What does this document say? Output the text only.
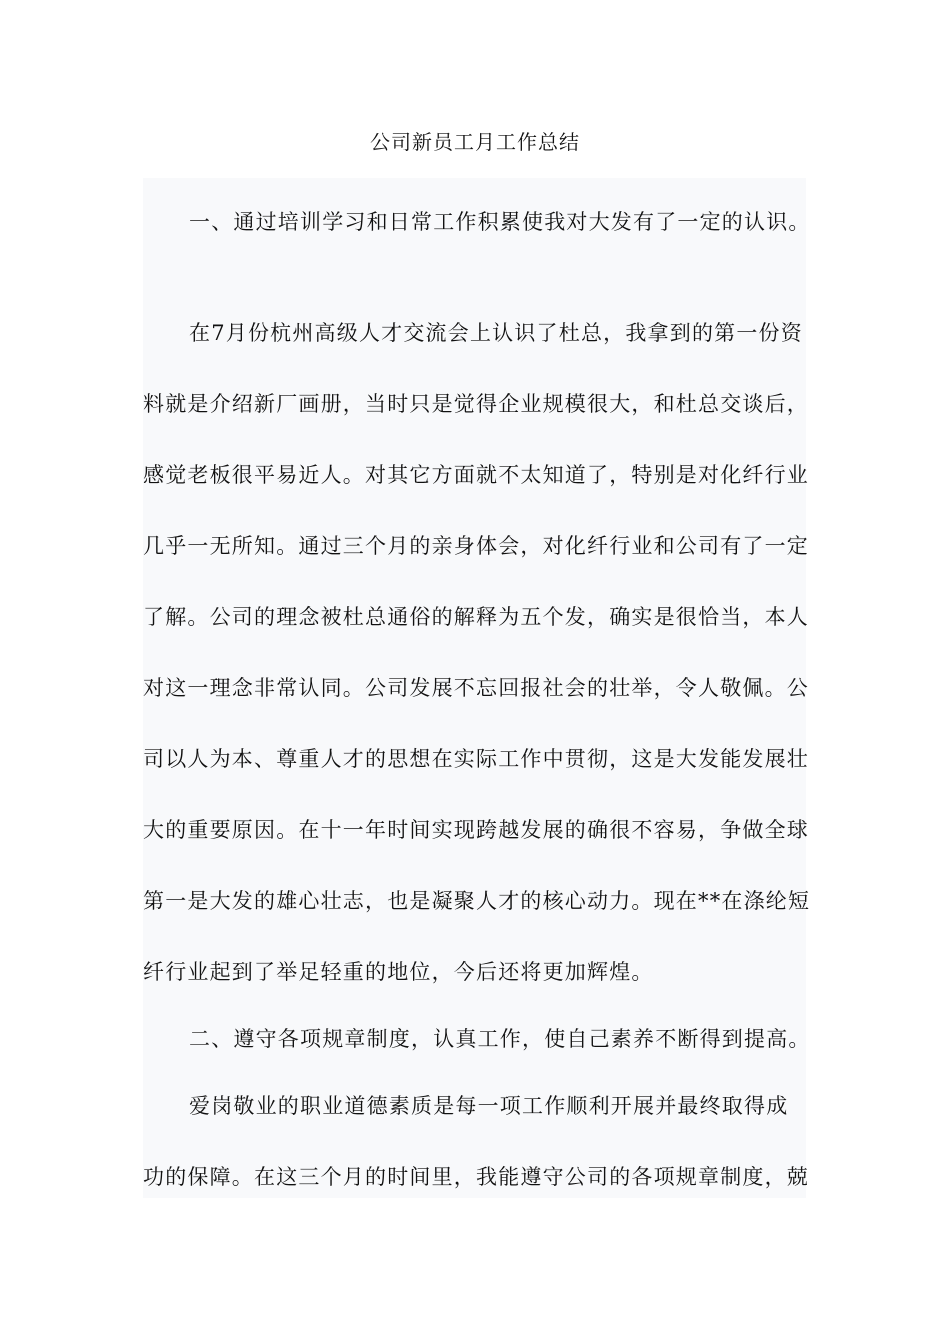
公司新员工月工作总结

一、通过培训学习和日常工作积累使我对大发有了一定的认识。

在7月份杭州高级人才交流会上认识了杜总，我拿到的第一份资

料就是介绍新厂画册，当时只是觉得企业规模很大，和杜总交谈后，

感觉老板很平易近人。对其它方面就不太知道了，特别是对化纤行业

几乎一无所知。通过三个月的亲身体会，对化纤行业和公司有了一定

了解。公司的理念被杜总通俗的解释为五个发，确实是很恰当，本人

对这一理念非常认同。公司发展不忘回报社会的壮举，令人敬佩。公

司以人为本、尊重人才的思想在实际工作中贯彻，这是大发能发展壮

大的重要原因。在十一年时间实现跨越发展的确很不容易，争做全球

第一是大发的雄心壮志，也是凝聚人才的核心动力。现在**在涤纶短

纤行业起到了举足轻重的地位，今后还将更加辉煌。

二、遵守各项规章制度，认真工作，使自己素养不断得到提高。

爱岗敬业的职业道德素质是每一项工作顺利开展并最终取得成

功的保障。在这三个月的时间里，我能遵守公司的各项规章制度，兢
